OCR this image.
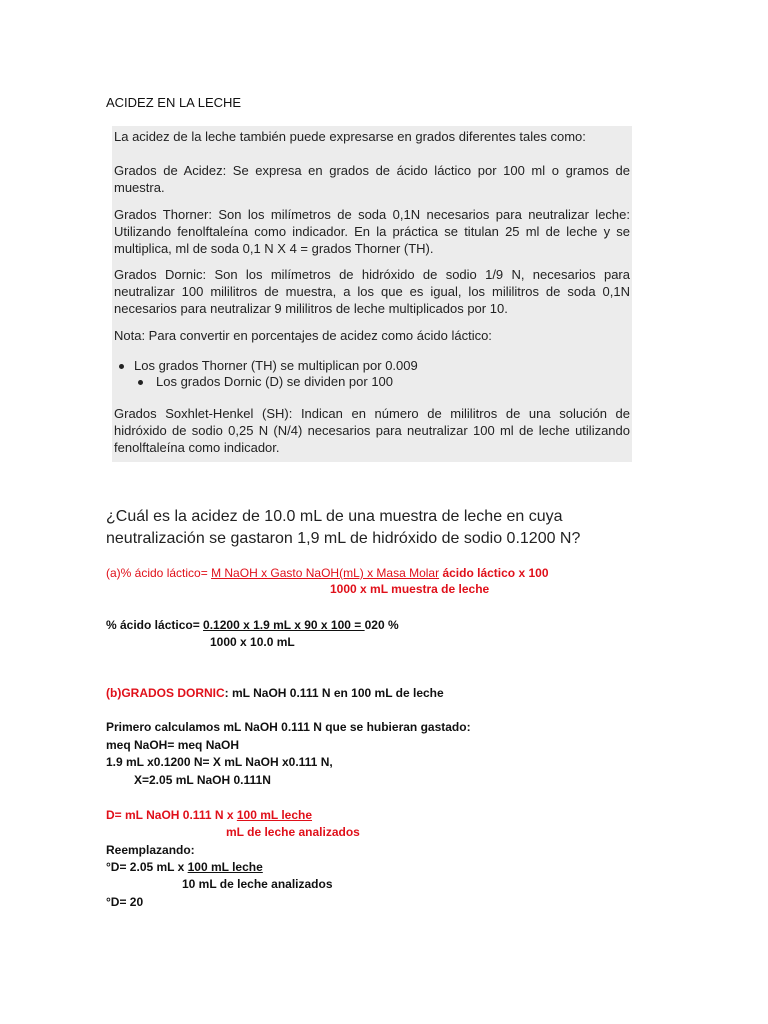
ACIDEZ EN LA LECHE
La acidez de la leche también puede expresarse en grados diferentes tales como:
Grados de Acidez: Se expresa en grados de ácido láctico por 100 ml o gramos de muestra.
Grados Thorner: Son los milímetros de soda 0,1N necesarios para neutralizar leche: Utilizando fenolftaleína como indicador. En la práctica se titulan 25 ml de leche y se multiplica, ml de soda 0,1 N X 4 = grados Thorner (TH).
Grados Dornic: Son los milímetros de hidróxido de sodio 1/9 N, necesarios para neutralizar 100 mililitros de muestra, a los que es igual, los mililitros de soda 0,1N necesarios para neutralizar 9 mililitros de leche multiplicados por 10.
Nota: Para convertir en porcentajes de acidez como ácido láctico:
Los grados Thorner (TH) se multiplican por 0.009
Los grados Dornic (D) se dividen por 100
Grados Soxhlet-Henkel (SH): Indican en número de mililitros de una solución de hidróxido de sodio 0,25 N (N/4) necesarios para neutralizar 100 ml de leche utilizando fenolftaleína como indicador.
¿Cuál es la acidez de 10.0 mL de una muestra de leche en cuya neutralización se gastaron 1,9 mL de hidróxido de sodio 0.1200 N?
(a)% ácido láctico= M NaOH x Gasto NaOH(mL) x Masa Molar ácido láctico x 100
1000 x mL muestra de leche
% ácido láctico= 0.1200 x 1.9 mL x 90 x 100 = 020 %
1000 x 10.0 mL
(b)GRADOS DORNIC: mL NaOH 0.111 N en 100 mL de leche
Primero calculamos mL NaOH 0.111 N que se hubieran gastado:
meq NaOH= meq NaOH
1.9 mL x0.1200 N= X mL NaOH x0.111 N,
X=2.05 mL NaOH 0.111N
D= mL NaOH 0.111 N x 100 mL leche
mL de leche analizados
Reemplazando:
°D= 2.05 mL x 100 mL leche
10 mL de leche analizados
°D= 20
